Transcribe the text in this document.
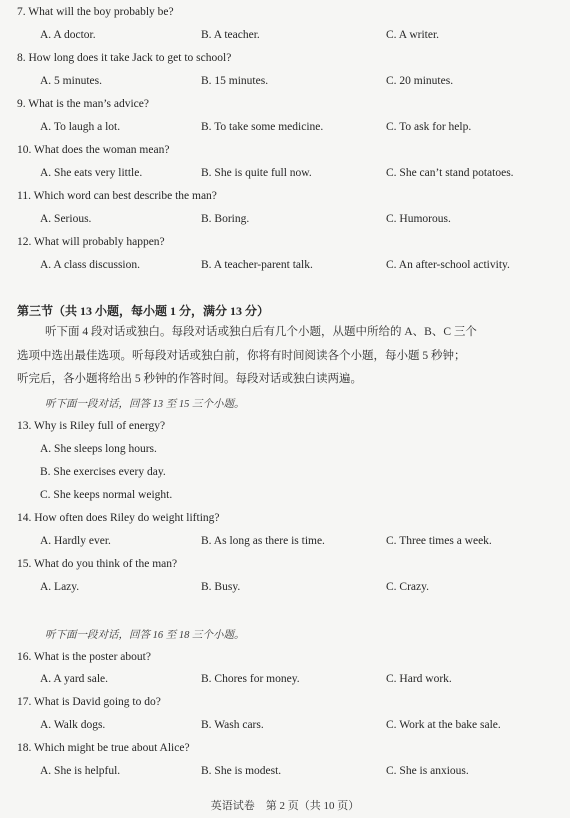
7. What will the boy probably be?
A. A doctor.	B. A teacher.	C. A writer.
8. How long does it take Jack to get to school?
A. 5 minutes.	B. 15 minutes.	C. 20 minutes.
9. What is the man’s advice?
A. To laugh a lot.	B. To take some medicine.	C. To ask for help.
10. What does the woman mean?
A. She eats very little.	B. She is quite full now.	C. She can’t stand potatoes.
11. Which word can best describe the man?
A. Serious.	B. Boring.	C. Humorous.
12. What will probably happen?
A. A class discussion.	B. A teacher-parent talk.	C. An after-school activity.
第三节（共 13 小题，每小题 1 分，满分 13 分）
听下面 4 段对话或独白。每段对话或独白后有几个小题，从题中所给的 A、B、C 三个
选项中选出最佳选项。听每段对话或独白前，你将有时间阅读各个小题，每小题 5 秒钟；
听完后，各小题将给出 5 秒钟的作答时间。每段对话或独白读两遍。
听下面一段对话，回答 13 至 15 三个小题。
13. Why is Riley full of energy?
A. She sleeps long hours.
B. She exercises every day.
C. She keeps normal weight.
14. How often does Riley do weight lifting?
A. Hardly ever.	B. As long as there is time.	C. Three times a week.
15. What do you think of the man?
A. Lazy.	B. Busy.	C. Crazy.
听下面一段对话，回答 16 至 18 三个小题。
16. What is the poster about?
A. A yard sale.	B. Chores for money.	C. Hard work.
17. What is David going to do?
A. Walk dogs.	B. Wash cars.	C. Work at the bake sale.
18. Which might be true about Alice?
A. She is helpful.	B. She is modest.	C. She is anxious.
英语试卷　第 2 页（共 10 页）
